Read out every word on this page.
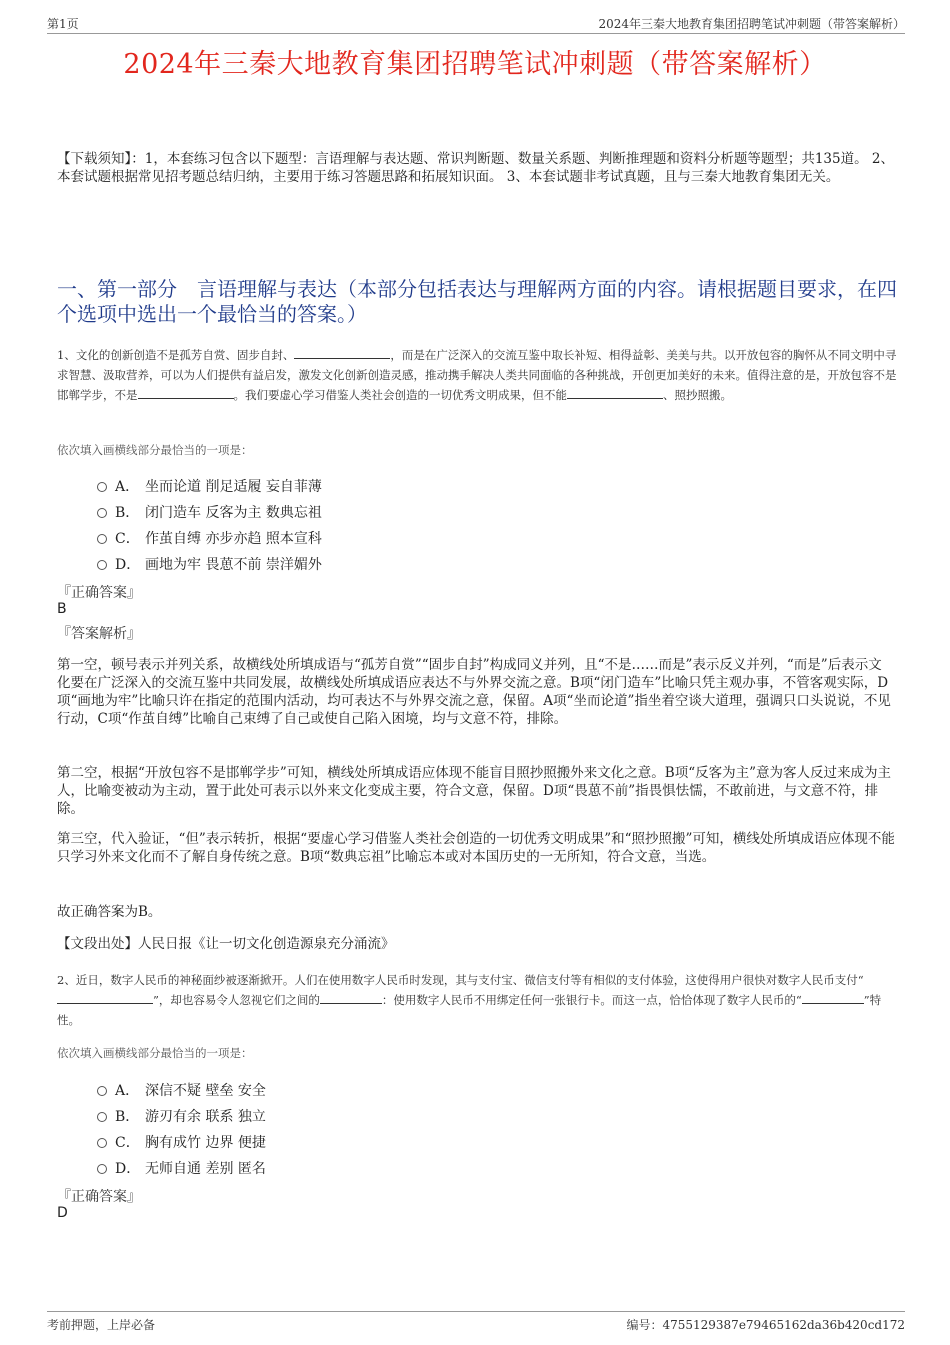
第1页	2024年三秦大地教育集团招聘笔试冲刺题（带答案解析）
2024年三秦大地教育集团招聘笔试冲刺题（带答案解析）
【下载须知】：1，本套练习包含以下题型：言语理解与表达题、常识判断题、数量关系题、判断推理题和资料分析题等题型；共135道。 2、本套试题根据常见招考题总结归纳，主要用于练习答题思路和拓展知识面。 3、本套试题非考试真题，且与三秦大地教育集团无关。
一、第一部分　言语理解与表达（本部分包括表达与理解两方面的内容。请根据题目要求，在四个选项中选出一个最恰当的答案。）
1、文化的创新创造不是孤芳自赏、固步自封、	，而是在广泛深入的交流互鉴中取长补短、相得益彰、美美与共。以开放包容的胸怀从不同文明中寻求智慧、汲取营养，可以为人们提供有益启发，激发文化创新创造灵感，推动携手解决人类共同面临的各种挑战，开创更加美好的未来。值得注意的是，开放包容不是邯郸学步，不是	。我们要虚心学习借鉴人类社会创造的一切优秀文明成果，但不能	、照抄照搬。
依次填入画横线部分最恰当的一项是：
A． 坐而论道 削足适履 妄自菲薄
B． 闭门造车 反客为主 数典忘祖
C． 作茧自缚 亦步亦趋 照本宣科
D． 画地为牢 畏葸不前 崇洋媚外
『正确答案』
B
『答案解析』
第一空，顿号表示并列关系，故横线处所填成语与“孤芳自赏”“固步自封”构成同义并列，且“不是……而是”表示反义并列，“而是”后表示文化要在广泛深入的交流互鉴中共同发展，故横线处所填成语应表达不与外界交流之意。B项“闭门造车”比喻只凭主观办事，不管客观实际，D项“画地为牢”比喻只许在指定的范围内活动，均可表达不与外界交流之意，保留。A项“坐而论道”指坐着空谈大道理，强调只口头说说，不见行动，C项“作茧自缚”比喻自己束缚了自己或使自己陷入困境，均与文意不符，排除。
第二空，根据“开放包容不是邯郸学步”可知，横线处所填成语应体现不能盲目照抄照搬外来文化之意。B项“反客为主”意为客人反过来成为主人，比喻变被动为主动，置于此处可表示以外来文化变成主要，符合文意，保留。D项“畏葸不前”指畏惧怯懦，不敢前进，与文意不符，排除。
第三空，代入验证，“但”表示转折，根据“要虚心学习借鉴人类社会创造的一切优秀文明成果”和“照抄照搬”可知，横线处所填成语应体现不能只学习外来文化而不了解自身传统之意。B项“数典忘祖”比喻忘本或对本国历史的一无所知，符合文意，当选。
故正确答案为B。
【文段出处】人民日报《让一切文化创造源泉充分涌流》
2、近日，数字人民币的神秘面纱被逐渐掀开。人们在使用数字人民币时发现，其与支付宝、微信支付等有相似的支付体验，这使得用户很快对数字人民币支付“”，却也容易令人忽视它们之间的	：使用数字人民币不用绑定任何一张银行卡。而这一点，恰恰体现了数字人民币的“	”特性。
依次填入画横线部分最恰当的一项是：
A． 深信不疑 壁垒 安全
B． 游刃有余 联系 独立
C． 胸有成竹 边界 便捷
D． 无师自通 差别 匿名
『正确答案』
D
考前押题，上岸必备	编号：4755129387e79465162da36b420cd172
